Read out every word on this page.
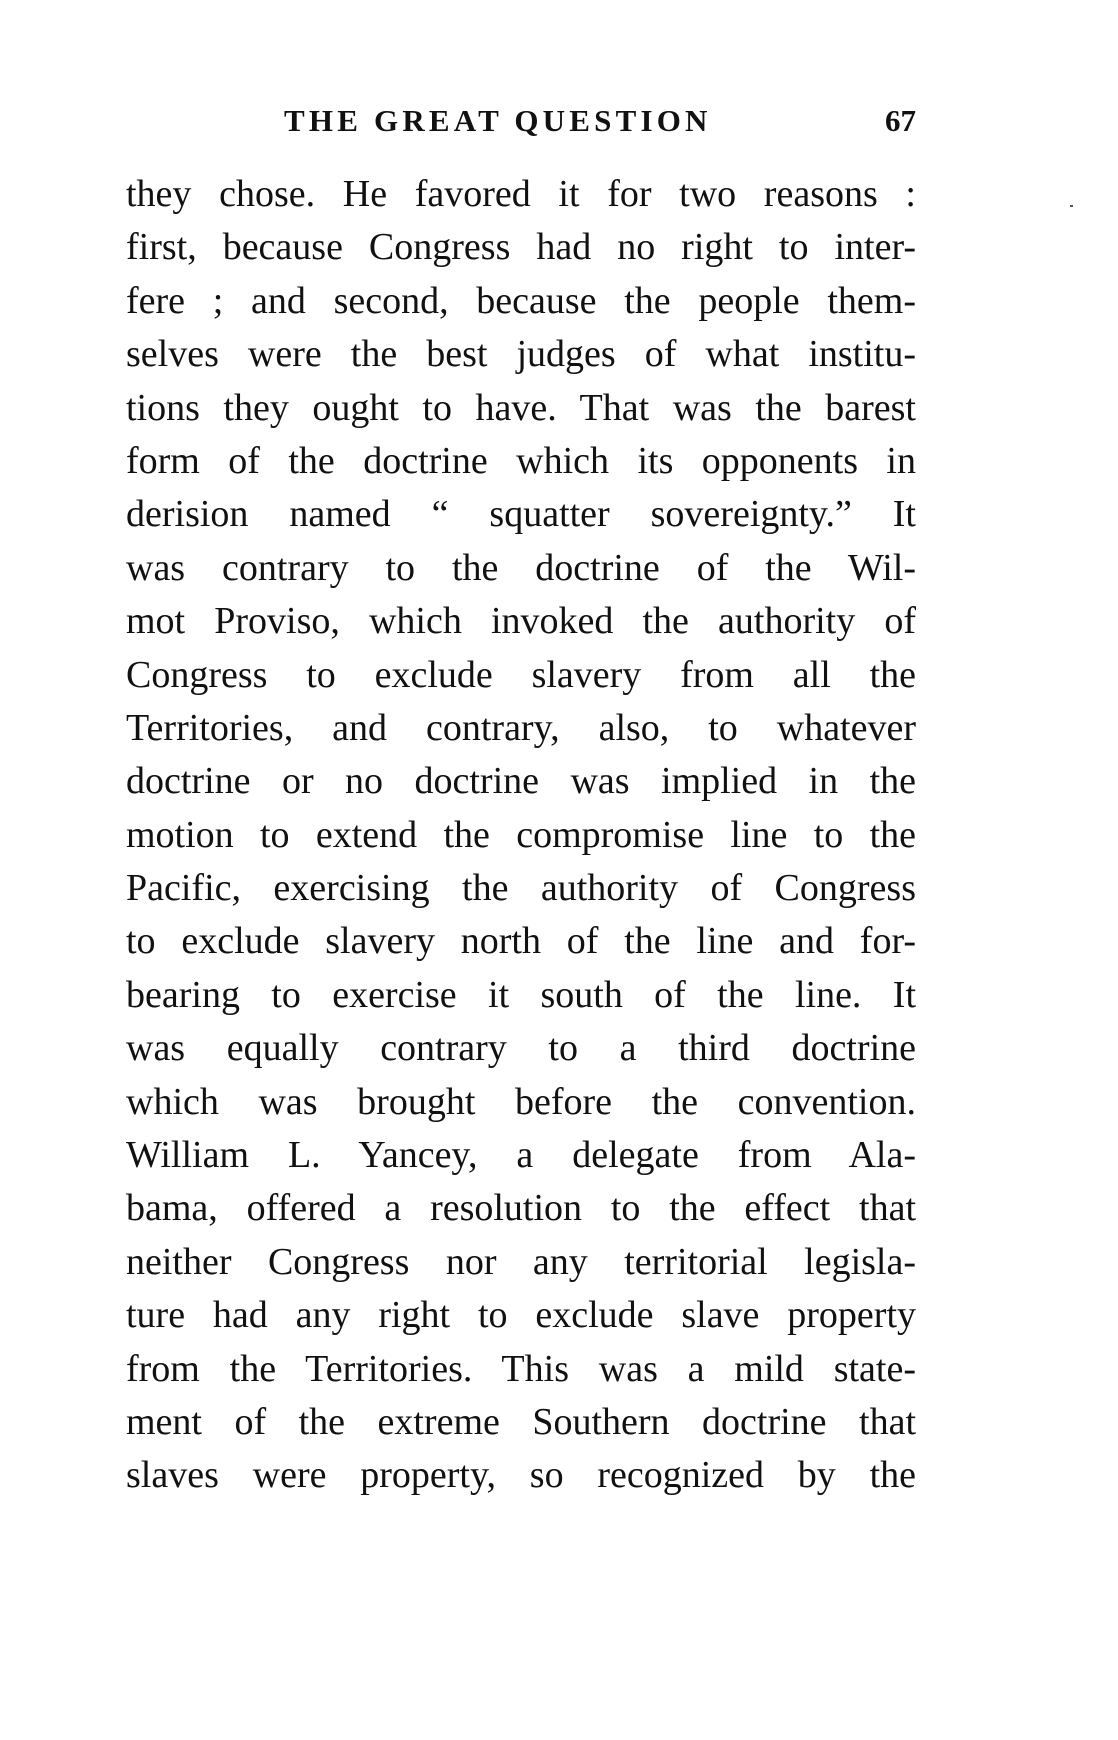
THE GREAT QUESTION	67
they chose. He favored it for two reasons :
first, because Congress had no right to inter-
fere ; and second, because the people them-
selves were the best judges of what institu-
tions they ought to have. That was the barest
form of the doctrine which its opponents in
derision named “ squatter sovereignty.” It
was contrary to the doctrine of the Wil-
mot Proviso, which invoked the authority of
Congress to exclude slavery from all the
Territories, and contrary, also, to whatever
doctrine or no doctrine was implied in the
motion to extend the compromise line to the
Pacific, exercising the authority of Congress
to exclude slavery north of the line and for-
bearing to exercise it south of the line. It
was equally contrary to a third doctrine
which was brought before the convention.
William L. Yancey, a delegate from Ala-
bama, offered a resolution to the effect that
neither Congress nor any territorial legisla-
ture had any right to exclude slave property
from the Territories. This was a mild state-
ment of the extreme Southern doctrine that
slaves were property, so recognized by the
